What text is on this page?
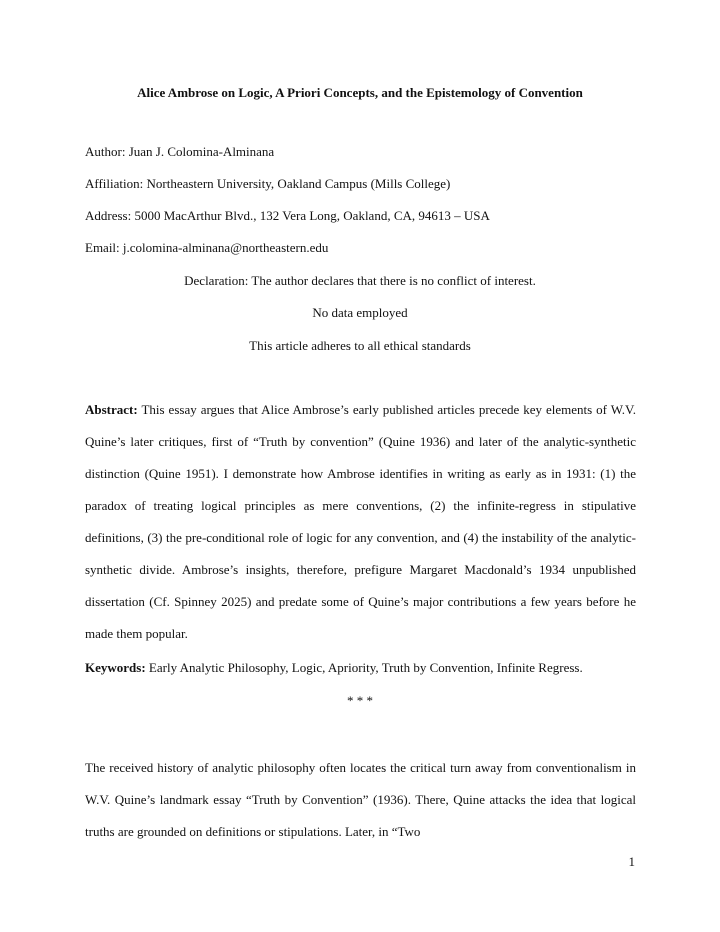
Alice Ambrose on Logic, A Priori Concepts, and the Epistemology of Convention
Author: Juan J. Colomina-Alminana
Affiliation: Northeastern University, Oakland Campus (Mills College)
Address: 5000 MacArthur Blvd., 132 Vera Long, Oakland, CA, 94613 – USA
Email: j.colomina-alminana@northeastern.edu
Declaration: The author declares that there is no conflict of interest.
No data employed
This article adheres to all ethical standards
Abstract: This essay argues that Alice Ambrose’s early published articles precede key elements of W.V. Quine’s later critiques, first of “Truth by convention” (Quine 1936) and later of the analytic-synthetic distinction (Quine 1951). I demonstrate how Ambrose identifies in writing as early as in 1931: (1) the paradox of treating logical principles as mere conventions, (2) the infinite-regress in stipulative definitions, (3) the pre-conditional role of logic for any convention, and (4) the instability of the analytic-synthetic divide. Ambrose’s insights, therefore, prefigure Margaret Macdonald’s 1934 unpublished dissertation (Cf. Spinney 2025) and predate some of Quine’s major contributions a few years before he made them popular.
Keywords: Early Analytic Philosophy, Logic, Apriority, Truth by Convention, Infinite Regress.
* * *
The received history of analytic philosophy often locates the critical turn away from conventionalism in W.V. Quine’s landmark essay “Truth by Convention” (1936). There, Quine attacks the idea that logical truths are grounded on definitions or stipulations. Later, in “Two
1
